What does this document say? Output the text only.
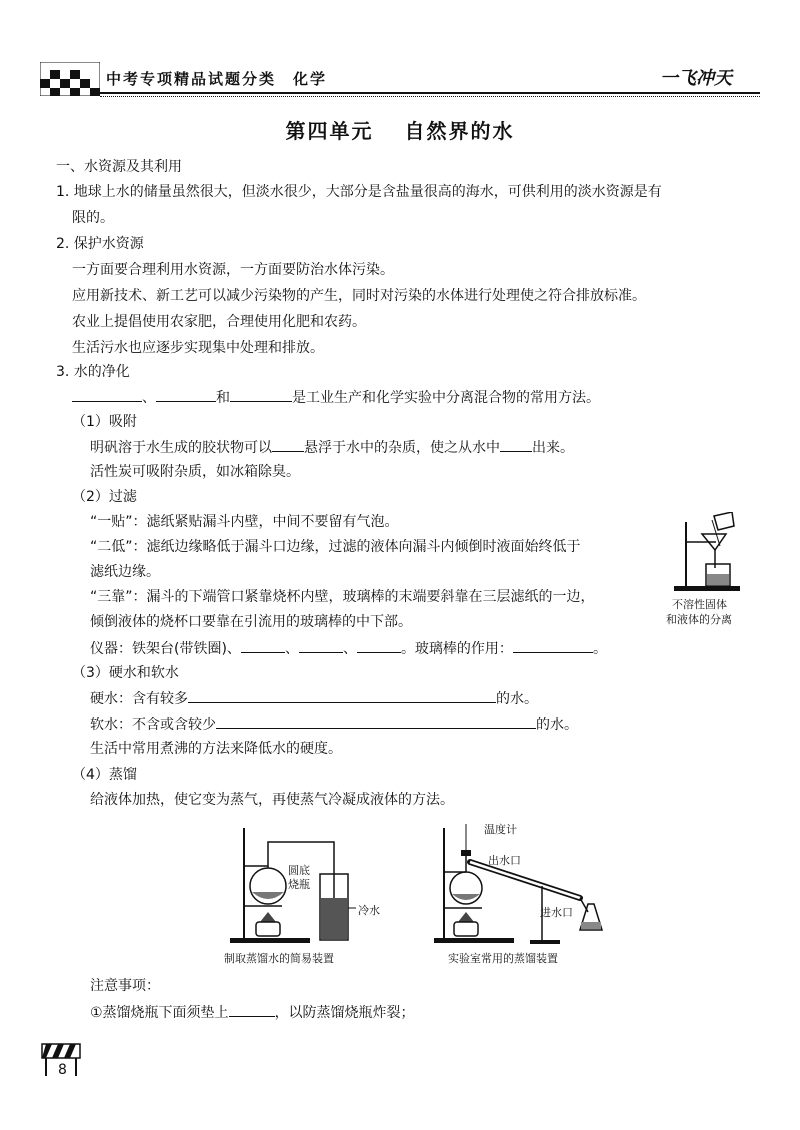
中考专项精品试题分类　化学	一飞冲天
第四单元　 自然界的水
一、水资源及其利用
1. 地球上水的储量虽然很大，但淡水很少，大部分是含盐量很高的海水，可供利用的淡水资源是有
限的。
2. 保护水资源
一方面要合理利用水资源，一方面要防治水体污染。
应用新技术、新工艺可以减少污染物的产生，同时对污染的水体进行处理使之符合排放标准。
农业上提倡使用农家肥，合理使用化肥和农药。
生活污水也应逐步实现集中处理和排放。
3. 水的净化
、	和	是工业生产和化学实验中分离混合物的常用方法。
（1）吸附
明矾溶于水生成的胶状物可以 悬浮于水中的杂质，使之从水中 出来。
活性炭可吸附杂质，如冰箱除臭。
（2）过滤
“一贴”：滤纸紧贴漏斗内壁，中间不要留有气泡。
“二低”：滤纸边缘略低于漏斗口边缘，过滤的液体向漏斗内倾倒时液面始终低于
滤纸边缘。
“三靠”：漏斗的下端管口紧靠烧杯内壁，玻璃棒的末端要斜靠在三层滤纸的一边，
倾倒液体的烧杯口要靠在引流用的玻璃棒的中下部。
仪器：铁架台(带铁圈)、	、	、	。玻璃棒的作用：	。
不溶性固体
和液体的分离
（3）硬水和软水
硬水：含有较多	的水。
软水：不含或含较少	的水。
生活中常用煮沸的方法来降低水的硬度。
（4）蒸馏
给液体加热，使它变为蒸气，再使蒸气冷凝成液体的方法。
圆底
烧瓶
冷水
制取蒸馏水的简易装置
温度计
出水口
进水口
实验室常用的蒸馏装置
注意事项：
①蒸馏烧瓶下面须垫上	，以防蒸馏烧瓶炸裂；
8
